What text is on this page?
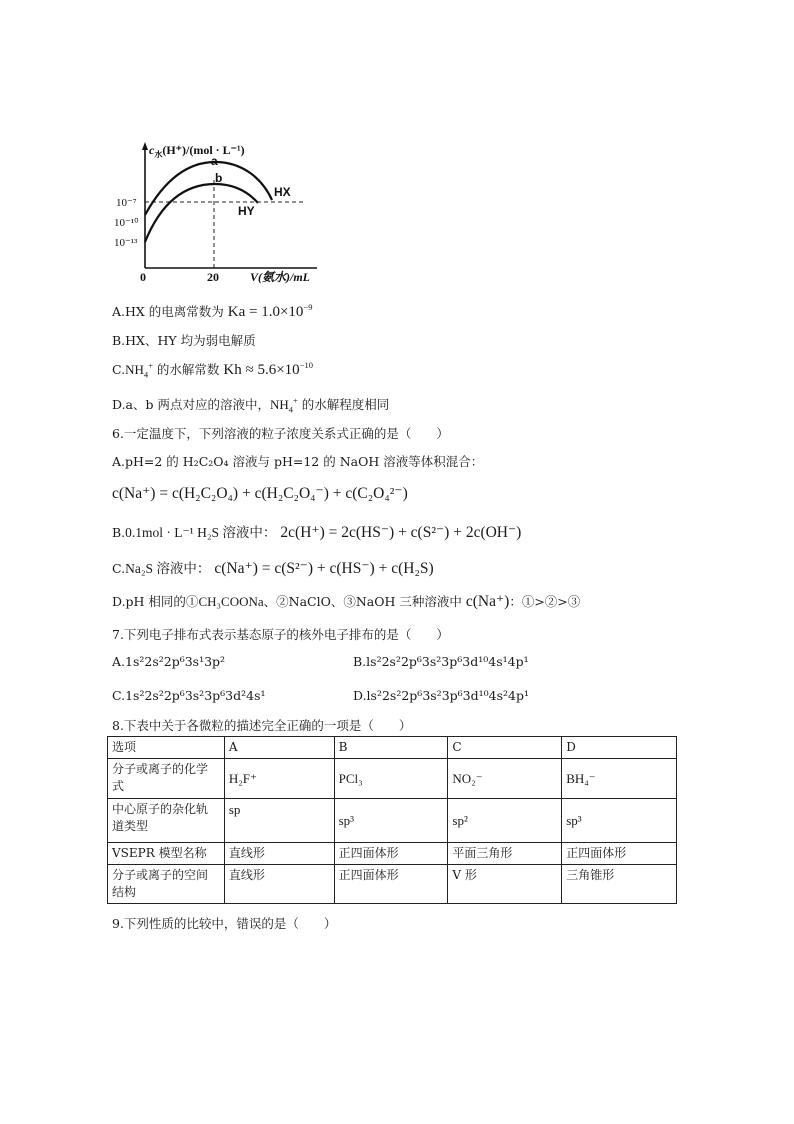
$c_水(H^+)/(mol \cdot L^{-1})$
10⁻⁷
10⁻¹⁰
10⁻¹³
0	20	V(氨水)/mL
a
b
HX
HY
A.HX 的电离常数为 $Ka = 1.0\times 10^{-9}$
B.HX、HY 均为弱电解质
$C.NH_4^+$ 的水解常数 $Kh \approx 5.6\times 10^{-10}$
D.a、b 两点对应的溶液中，$NH_4^+$ 的水解程度相同
6.一定温度下，下列溶液的粒子浓度关系式正确的是（　　）
A.pH=2 的 H₂C₂O₄ 溶液与 pH=12 的 NaOH 溶液等体积混合：
c(Na⁺) = c(H₂C₂O₄) + c(H₂C₂O₄⁻) + c(C₂O₄²⁻)
B.0.1mol · L⁻¹ H₂S 溶液中： 2c(H⁺) = 2c(HS⁻) + c(S²⁻) + 2c(OH⁻)
C.Na₂S 溶液中： c(Na⁺) = c(S²⁻) + c(HS⁻) + c(H₂S)
D.pH 相同的①CH₃COONa、②NaClO、③NaOH 三种溶液中 c(Na⁺)：①>②>③
7.下列电子排布式表示基态原子的核外电子排布的是（　　）
A.1s²2s²2p⁶3s¹3p²	B.ls²2s²2p⁶3s²3p⁶3d¹⁰4s¹4p¹
C.1s²2s²2p⁶3s²3p⁶3d²4s¹	D.ls²2s²2p⁶3s²3p⁶3d¹⁰4s²4p¹
8.下表中关于各微粒的描述完全正确的一项是（　　）
选项	A	B	C	D
分子或离子的化学式	H₂F⁺	PCl₃	NO₂⁻	BH₄⁻
中心原子的杂化轨道类型	sp	sp³	sp²	sp³
VSEPR 模型名称	直线形	正四面体形	平面三角形	正四面体形
分子或离子的空间结构	直线形	正四面体形	V 形	三角锥形
9.下列性质的比较中，错误的是（　　）
